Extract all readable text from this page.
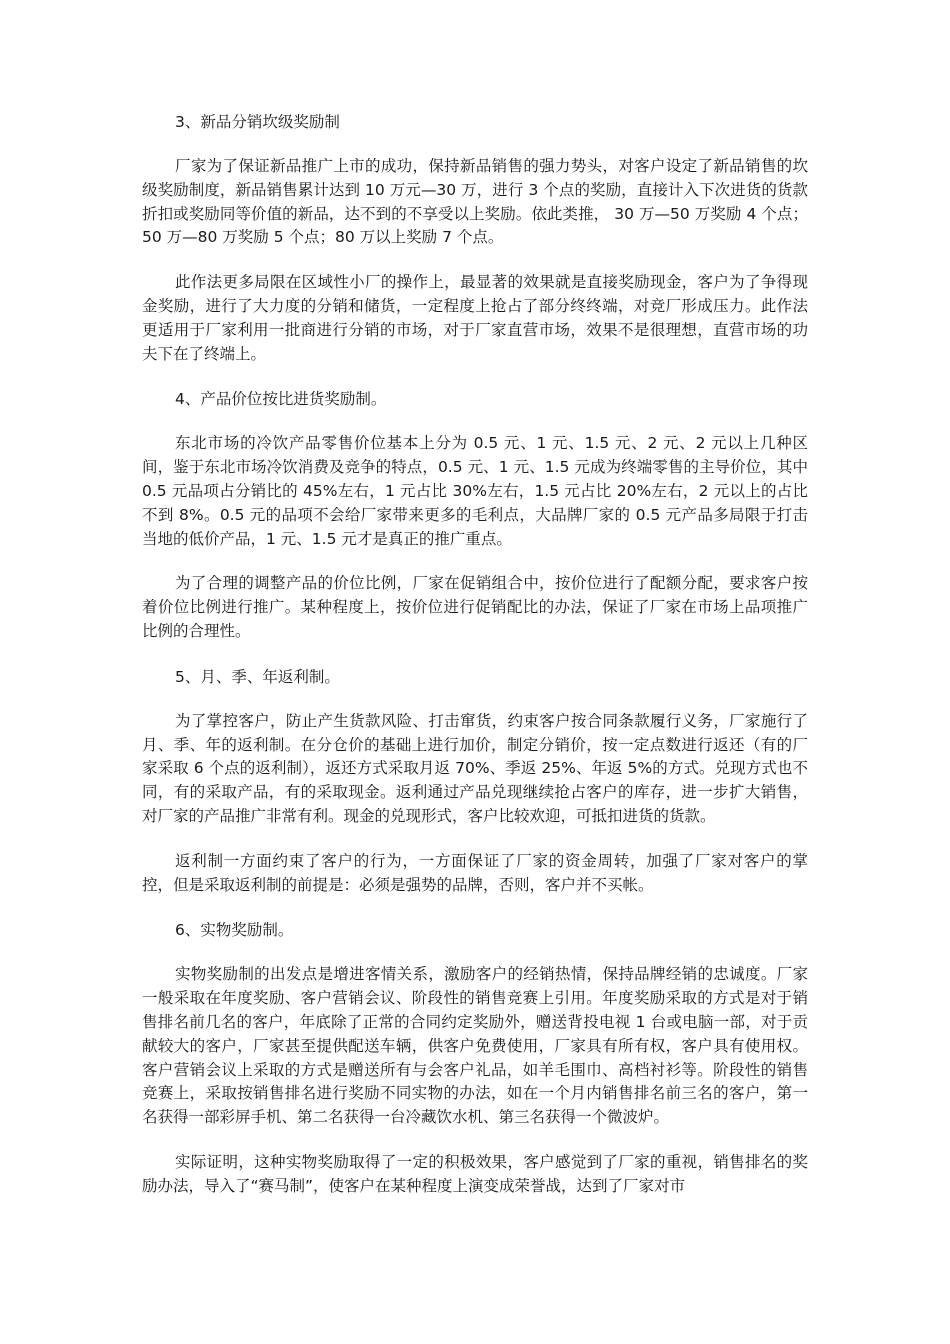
3、新品分销坎级奖励制

厂家为了保证新品推广上市的成功，保持新品销售的强力势头，对客户设定了新品销售的坎级奖励制度，新品销售累计达到 10 万元—30 万，进行 3 个点的奖励，直接计入下次进货的货款折扣或奖励同等价值的新品，达不到的不享受以上奖励。依此类推， 30 万—50 万奖励 4 个点； 50 万—80 万奖励 5 个点；80 万以上奖励 7 个点。

此作法更多局限在区域性小厂的操作上，最显著的效果就是直接奖励现金，客户为了争得现金奖励，进行了大力度的分销和储货，一定程度上抢占了部分终终端，对竞厂形成压力。此作法更适用于厂家利用一批商进行分销的市场，对于厂家直营市场，效果不是很理想，直营市场的功夫下在了终端上。

4、产品价位按比进货奖励制。

东北市场的冷饮产品零售价位基本上分为 0.5 元、1 元、1.5 元、2 元、2 元以上几种区间，鉴于东北市场冷饮消费及竞争的特点，0.5 元、1 元、1.5 元成为终端零售的主导价位，其中 0.5 元品项占分销比的 45%左右，1 元占比 30%左右，1.5 元占比 20%左右，2 元以上的占比不到 8%。0.5 元的品项不会给厂家带来更多的毛利点，大品牌厂家的 0.5 元产品多局限于打击当地的低价产品，1 元、1.5 元才是真正的推广重点。

为了合理的调整产品的价位比例，厂家在促销组合中，按价位进行了配额分配，要求客户按着价位比例进行推广。某种程度上，按价位进行促销配比的办法，保证了厂家在市场上品项推广比例的合理性。

5、月、季、年返利制。

为了掌控客户，防止产生货款风险、打击窜货，约束客户按合同条款履行义务，厂家施行了月、季、年的返利制。在分仓价的基础上进行加价，制定分销价，按一定点数进行返还（有的厂家采取 6 个点的返利制），返还方式采取月返 70%、季返 25%、年返 5%的方式。兑现方式也不同，有的采取产品，有的采取现金。返利通过产品兑现继续抢占客户的库存，进一步扩大销售，对厂家的产品推广非常有利。现金的兑现形式，客户比较欢迎，可抵扣进货的货款。

返利制一方面约束了客户的行为，一方面保证了厂家的资金周转，加强了厂家对客户的掌控，但是采取返利制的前提是：必须是强势的品牌，否则，客户并不买帐。

6、实物奖励制。

实物奖励制的出发点是增进客情关系，激励客户的经销热情，保持品牌经销的忠诚度。厂家一般采取在年度奖励、客户营销会议、阶段性的销售竞赛上引用。年度奖励采取的方式是对于销售排名前几名的客户，年底除了正常的合同约定奖励外，赠送背投电视 1 台或电脑一部，对于贡献较大的客户，厂家甚至提供配送车辆，供客户免费使用，厂家具有所有权，客户具有使用权。客户营销会议上采取的方式是赠送所有与会客户礼品，如羊毛围巾、高档衬衫等。阶段性的销售竞赛上，采取按销售排名进行奖励不同实物的办法，如在一个月内销售排名前三名的客户，第一名获得一部彩屏手机、第二名获得一台冷藏饮水机、第三名获得一个微波炉。

实际证明，这种实物奖励取得了一定的积极效果，客户感觉到了厂家的重视，销售排名的奖励办法，导入了“赛马制”，使客户在某种程度上演变成荣誉战，达到了厂家对市
